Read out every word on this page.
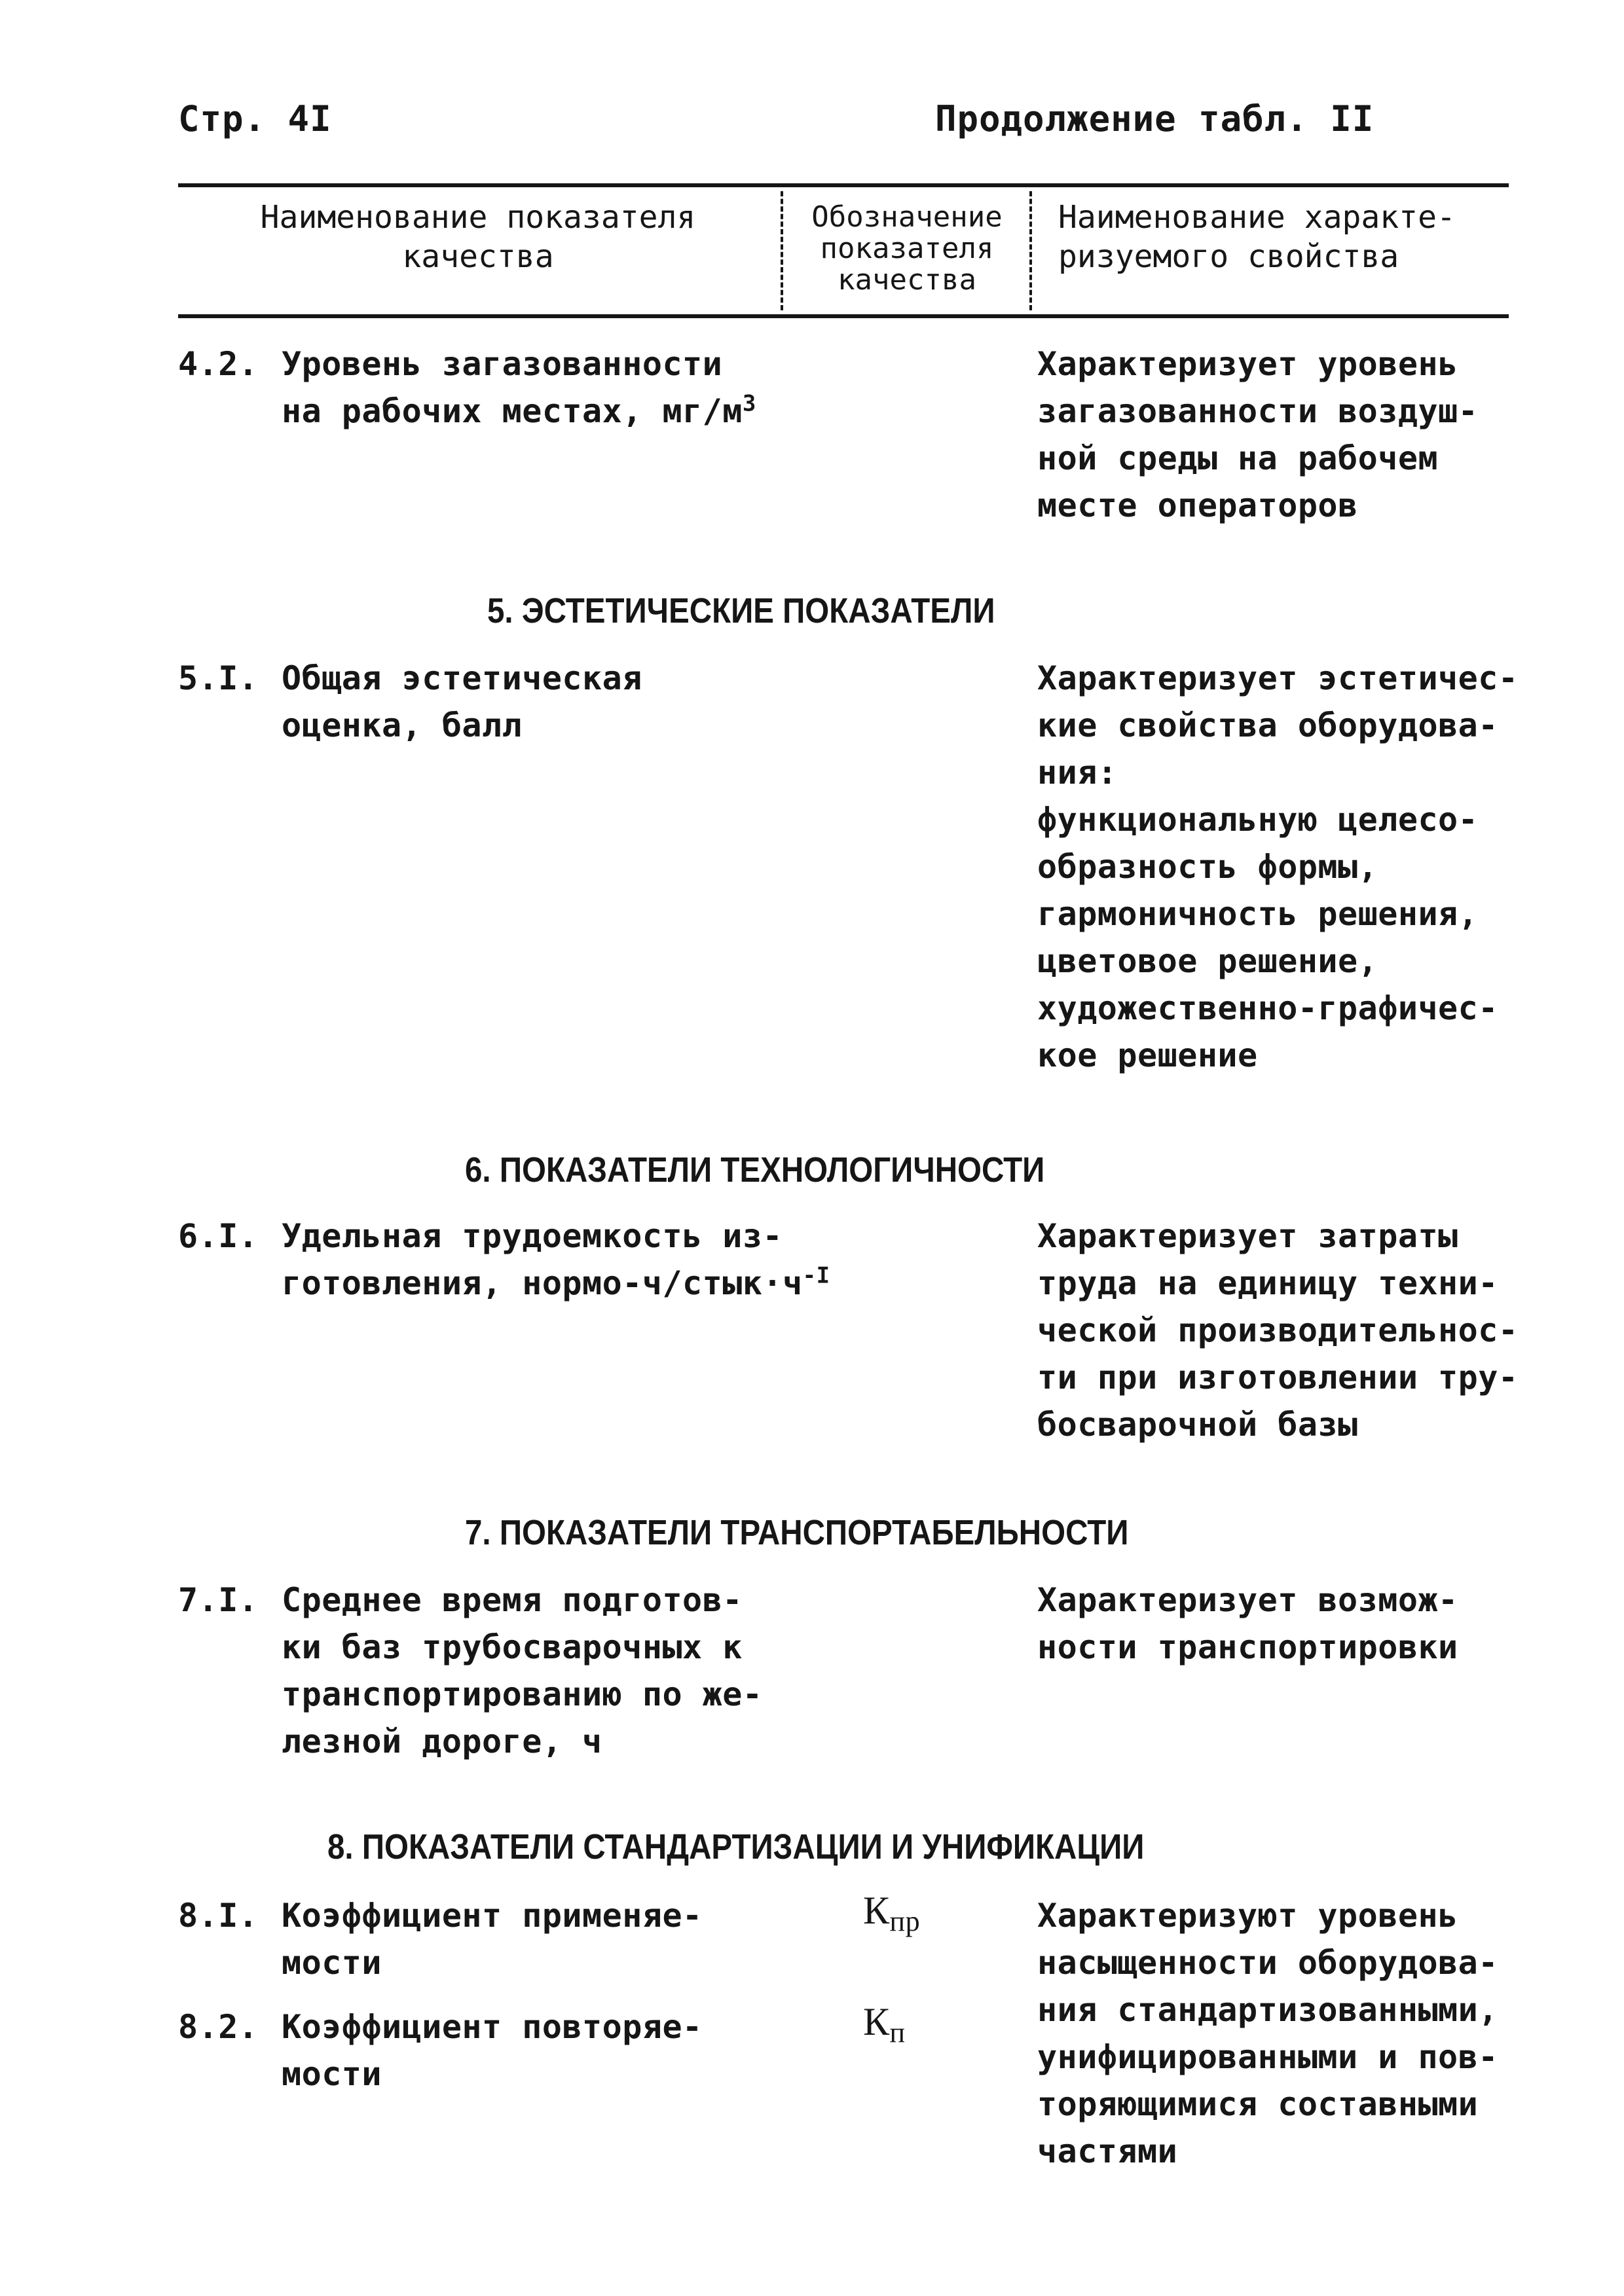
Стр. 4I	Продолжение табл. II
Наименование показателя
качества
Обозначение
показателя
качества
Наименование характе-
ризуемого свойства
4.2. Уровень загазованности
на рабочих местах, $мг/м^3$
Характеризует уровень
загазованности воздуш-
ной среды на рабочем
месте операторов
5. ЭСТЕТИЧЕСКИЕ ПОКАЗАТЕЛИ
5.I. Общая эстетическая
оценка, балл
Характеризует эстетичес-
кие свойства оборудова-
ния:
функционaльную целесо-
образность формы,
гармоничность решения,
цветовое решение,
художественно-графичес-
кое решение
6. ПОКАЗАТЕЛИ ТЕХНОЛОГИЧНОСТИ
6.I. Удельная трудоемкость из-
готовления, нормо-$ч/стык\cdot ч^{-I}$
Характеризует затраты
труда на единицу техни-
ческой производительнос-
ти при изготовлении тру-
босварочной базы
7. ПОКАЗАТЕЛИ ТРАНСПОРТАБЕЛЬНОСТИ
7.I. Среднее время подготов-
ки баз трубосварочных к
транспортированию по же-
лезной дороге, ч
Характеризует возмож-
ности транспортировки
8. ПОКАЗАТЕЛИ СТАНДАРТИЗАЦИИ И УНИФИКАЦИИ
8.I. Коэффициент применяе-
мости
$К_{пр}$
8.2. Коэффициент повторяе-
мости
$К_п$
Характеризуют уровень
насыщенности оборудова-
ния стандартизованными,
унифицированными и пов-
торяющимися составными
частями
